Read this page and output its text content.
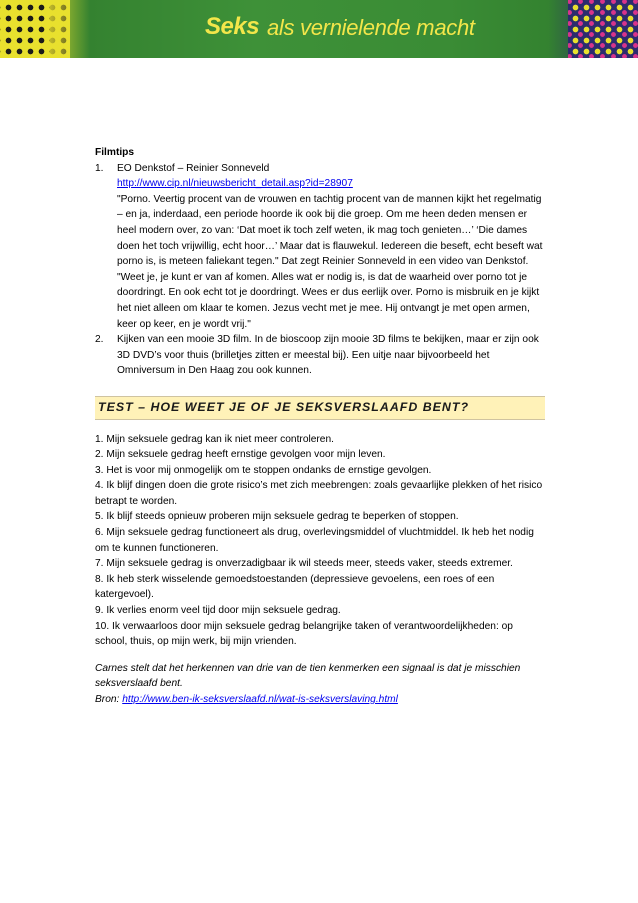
Seks als vernielende macht
Filmtips
1. EO Denkstof – Reinier Sonneveld
http://www.cip.nl/nieuwsbericht_detail.asp?id=28907
"Porno. Veertig procent van de vrouwen en tachtig procent van de mannen kijkt het regelmatig – en ja, inderdaad, een periode hoorde ik ook bij die groep. Om me heen deden mensen er heel modern over, zo van: ‘Dat moet ik toch zelf weten, ik mag toch genieten…’ ‘Die dames doen het toch vrijwillig, echt hoor…’ Maar dat is flauwekul. Iedereen die beseft, echt beseft wat porno is, is meteen faliekant tegen." Dat zegt Reinier Sonneveld in een video van Denkstof. "Weet je, je kunt er van af komen. Alles wat er nodig is, is dat de waarheid over porno tot je doordringt. En ook echt tot je doordringt. Wees er dus eerlijk over. Porno is misbruik en je kijkt het niet alleen om klaar te komen. Jezus vecht met je mee. Hij ontvangt je met open armen, keer op keer, en je wordt vrij."
2. Kijken van een mooie 3D film. In de bioscoop zijn mooie 3D films te bekijken, maar er zijn ook 3D DVD’s voor thuis (brilletjes zitten er meestal bij). Een uitje naar bijvoorbeeld het Omniversum in Den Haag zou ook kunnen.
TEST – HOE WEET JE OF JE SEKSVERSLAAFD BENT?
1. Mijn seksuele gedrag kan ik niet meer controleren.
2. Mijn seksuele gedrag heeft ernstige gevolgen voor mijn leven.
3. Het is voor mij onmogelijk om te stoppen ondanks de ernstige gevolgen.
4. Ik blijf dingen doen die grote risico’s met zich meebrengen: zoals gevaarlijke plekken of het risico betrapt te worden.
5. Ik blijf steeds opnieuw proberen mijn seksuele gedrag te beperken of stoppen.
6. Mijn seksuele gedrag functioneert als drug, overlevingsmiddel of vluchtmiddel. Ik heb het nodig om te kunnen functioneren.
7. Mijn seksuele gedrag is onverzadigbaar ik wil steeds meer, steeds vaker, steeds extremer.
8. Ik heb sterk wisselende gemoedstoestanden (depressieve gevoelens, een roes of een katergevoel).
9. Ik verlies enorm veel tijd door mijn seksuele gedrag.
10. Ik verwaarloos door mijn seksuele gedrag belangrijke taken of verantwoordelijkheden: op school, thuis, op mijn werk, bij mijn vrienden.
Carnes stelt dat het herkennen van drie van de tien kenmerken een signaal is dat je misschien seksverslaafd bent.
Bron: http://www.ben-ik-seksverslaafd.nl/wat-is-seksverslaving.html
